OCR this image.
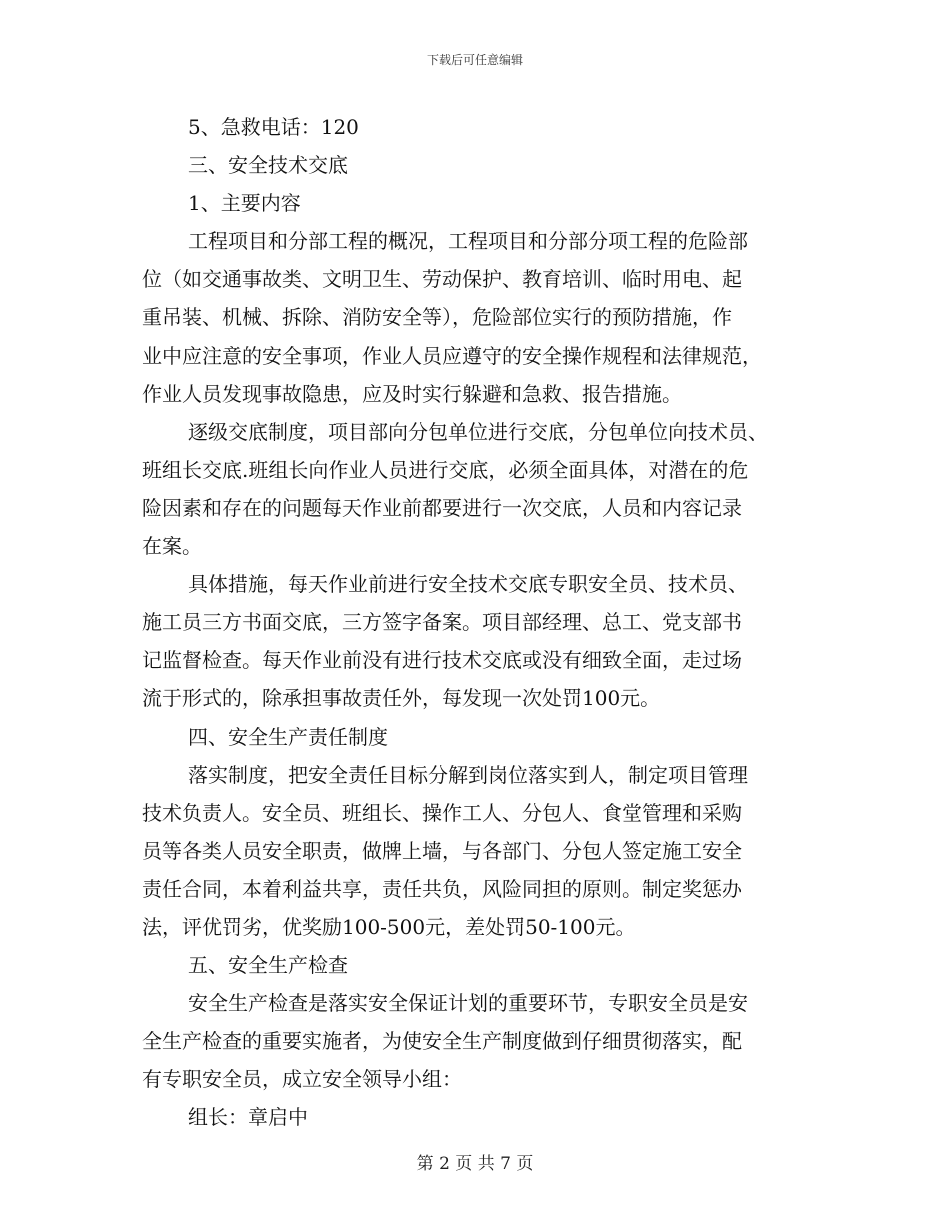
下载后可任意编辑
5、急救电话：120
三、安全技术交底
1、主要内容
工程项目和分部工程的概况，工程项目和分部分项工程的危险部
位（如交通事故类、文明卫生、劳动保护、教育培训、临时用电、起
重吊装、机械、拆除、消防安全等），危险部位实行的预防措施，作
业中应注意的安全事项，作业人员应遵守的安全操作规程和法律规范，
作业人员发现事故隐患，应及时实行躲避和急救、报告措施。
逐级交底制度，项目部向分包单位进行交底，分包单位向技术员、
班组长交底.班组长向作业人员进行交底，必须全面具体，对潜在的危
险因素和存在的问题每天作业前都要进行一次交底，人员和内容记录
在案。
具体措施，每天作业前进行安全技术交底专职安全员、技术员、
施工员三方书面交底，三方签字备案。项目部经理、总工、党支部书
记监督检查。每天作业前没有进行技术交底或没有细致全面，走过场
流于形式的，除承担事故责任外，每发现一次处罚100元。
四、安全生产责任制度
落实制度，把安全责任目标分解到岗位落实到人，制定项目管理
技术负责人。安全员、班组长、操作工人、分包人、食堂管理和采购
员等各类人员安全职责，做牌上墙，与各部门、分包人签定施工安全
责任合同，本着利益共享，责任共负，风险同担的原则。制定奖惩办
法，评优罚劣，优奖励100-500元，差处罚50-100元。
五、安全生产检查
安全生产检查是落实安全保证计划的重要环节，专职安全员是安
全生产检查的重要实施者，为使安全生产制度做到仔细贯彻落实，配
有专职安全员，成立安全领导小组：
组长：章启中
第 2 页 共 7 页
